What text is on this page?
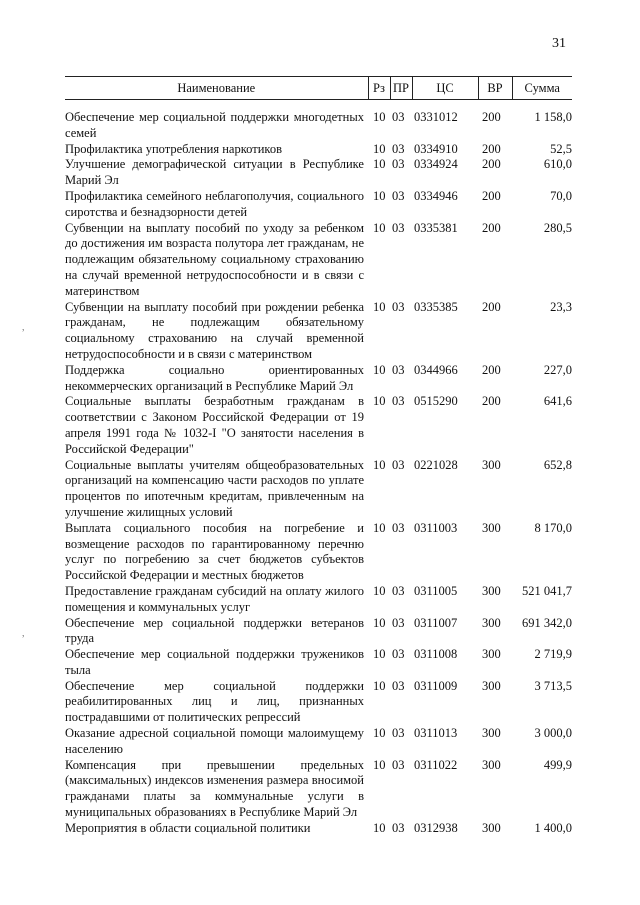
31
Наименование	Рз	ПР	ЦС	ВР	Сумма
Обеспечение мер социальной поддержки многодетных семей	10	03	0331012	200	1 158,0
Профилактика употребления наркотиков	10	03	0334910	200	52,5
Улучшение демографической ситуации в Республике Марий Эл	10	03	0334924	200	610,0
Профилактика семейного неблагополучия, социального сиротства и безнадзорности детей	10	03	0334946	200	70,0
Субвенции на выплату пособий по уходу за ребенком до достижения им возраста полутора лет гражданам, не подлежащим обязательному социальному страхованию на случай временной нетрудоспособности и в связи с материнством	10	03	0335381	200	280,5
Субвенции на выплату пособий при рождении ребенка гражданам, не подлежащим обязательному социальному страхованию на случай временной нетрудоспособности и в связи с материнством	10	03	0335385	200	23,3
Поддержка социально ориентированных некоммерческих организаций в Республике Марий Эл	10	03	0344966	200	227,0
Социальные выплаты безработным гражданам в соответствии с Законом Российской Федерации от 19 апреля 1991 года № 1032-I "О занятости населения в Российской Федерации"	10	03	0515290	200	641,6
Социальные выплаты учителям общеобразовательных организаций на компенсацию части расходов по уплате процентов по ипотечным кредитам, привлеченным на улучшение жилищных условий	10	03	0221028	300	652,8
Выплата социального пособия на погребение и возмещение расходов по гарантированному перечню услуг по погребению за счет бюджетов субъектов Российской Федерации и местных бюджетов	10	03	0311003	300	8 170,0
Предоставление гражданам субсидий на оплату жилого помещения и коммунальных услуг	10	03	0311005	300	521 041,7
Обеспечение мер социальной поддержки ветеранов труда	10	03	0311007	300	691 342,0
Обеспечение мер социальной поддержки тружеников тыла	10	03	0311008	300	2 719,9
Обеспечение мер социальной поддержки реабилитированных лиц и лиц, признанных пострадавшими от политических репрессий	10	03	0311009	300	3 713,5
Оказание адресной социальной помощи малоимущему населению	10	03	0311013	300	3 000,0
Компенсация при превышении предельных (максимальных) индексов изменения размера вносимой гражданами платы за коммунальные услуги в муниципальных образованиях в Республике Марий Эл	10	03	0311022	300	499,9
Мероприятия в области социальной политики	10	03	0312938	300	1 400,0
,
,
